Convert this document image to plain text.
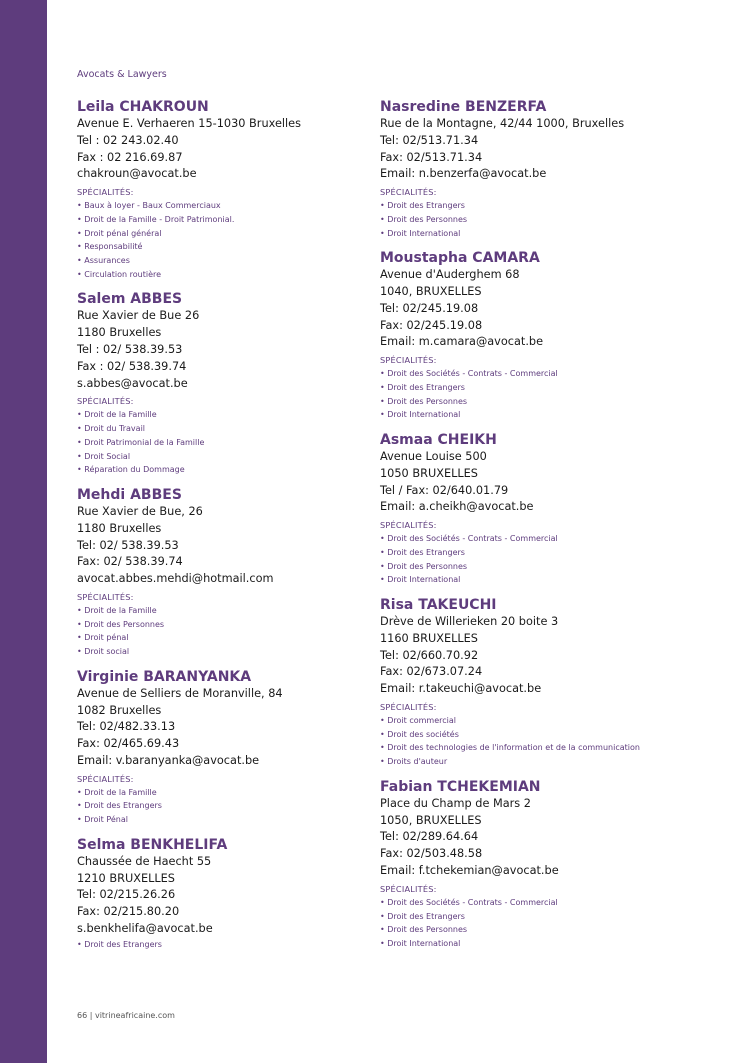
Avocats & Lawyers
Leila CHAKROUN
Avenue E. Verhaeren 15-1030 Bruxelles
Tel : 02 243.02.40
Fax : 02 216.69.87
chakroun@avocat.be
SPÉCIALITÉS:
• Baux à loyer - Baux Commerciaux
• Droit de la Famille - Droit Patrimonial.
• Droit pénal général
• Responsabilité
• Assurances
• Circulation routière
Salem ABBES
Rue Xavier de Bue 26
1180 Bruxelles
Tel : 02/ 538.39.53
Fax : 02/ 538.39.74
s.abbes@avocat.be
SPÉCIALITÉS:
• Droit de la Famille
• Droit du Travail
• Droit Patrimonial de la Famille
• Droit Social
• Réparation du Dommage
Mehdi ABBES
Rue Xavier de Bue, 26
1180 Bruxelles
Tel: 02/ 538.39.53
Fax: 02/ 538.39.74
avocat.abbes.mehdi@hotmail.com
SPÉCIALITÉS:
• Droit de la Famille
• Droit des Personnes
• Droit pénal
• Droit social
Virginie BARANYANKA
Avenue de Selliers de Moranville, 84
1082 Bruxelles
Tel: 02/482.33.13
Fax: 02/465.69.43
Email: v.baranyanka@avocat.be
SPÉCIALITÉS:
• Droit de la Famille
• Droit des Etrangers
• Droit Pénal
Selma BENKHELIFA
Chaussée de Haecht 55
1210 BRUXELLES
Tel: 02/215.26.26
Fax: 02/215.80.20
s.benkhelifa@avocat.be
• Droit des Etrangers
Nasredine BENZERFA
Rue de la Montagne, 42/44 1000, Bruxelles
Tel: 02/513.71.34
Fax: 02/513.71.34
Email: n.benzerfa@avocat.be
SPÉCIALITÉS:
• Droit des Etrangers
• Droit des Personnes
• Droit International
Moustapha CAMARA
Avenue d'Auderghem 68
1040, BRUXELLES
Tel: 02/245.19.08
Fax: 02/245.19.08
Email: m.camara@avocat.be
SPÉCIALITÉS:
• Droit des Sociétés - Contrats - Commercial
• Droit des Etrangers
• Droit des Personnes
• Droit International
Asmaa CHEIKH
Avenue Louise 500
1050 BRUXELLES
Tel / Fax: 02/640.01.79
Email: a.cheikh@avocat.be
SPÉCIALITÉS:
• Droit des Sociétés - Contrats - Commercial
• Droit des Etrangers
• Droit des Personnes
• Droit International
Risa TAKEUCHI
Drève de Willerieken 20 boite 3
1160 BRUXELLES
Tel: 02/660.70.92
Fax: 02/673.07.24
Email: r.takeuchi@avocat.be
SPÉCIALITÉS:
• Droit commercial
• Droit des sociétés
• Droit des technologies de l'information et de la communication
• Droits d'auteur
Fabian TCHEKEMIAN
Place du Champ de Mars 2
1050, BRUXELLES
Tel: 02/289.64.64
Fax: 02/503.48.58
Email: f.tchekemian@avocat.be
SPÉCIALITÉS:
• Droit des Sociétés - Contrats - Commercial
• Droit des Etrangers
• Droit des Personnes
• Droit International
66 | vitrineafricaine.com
